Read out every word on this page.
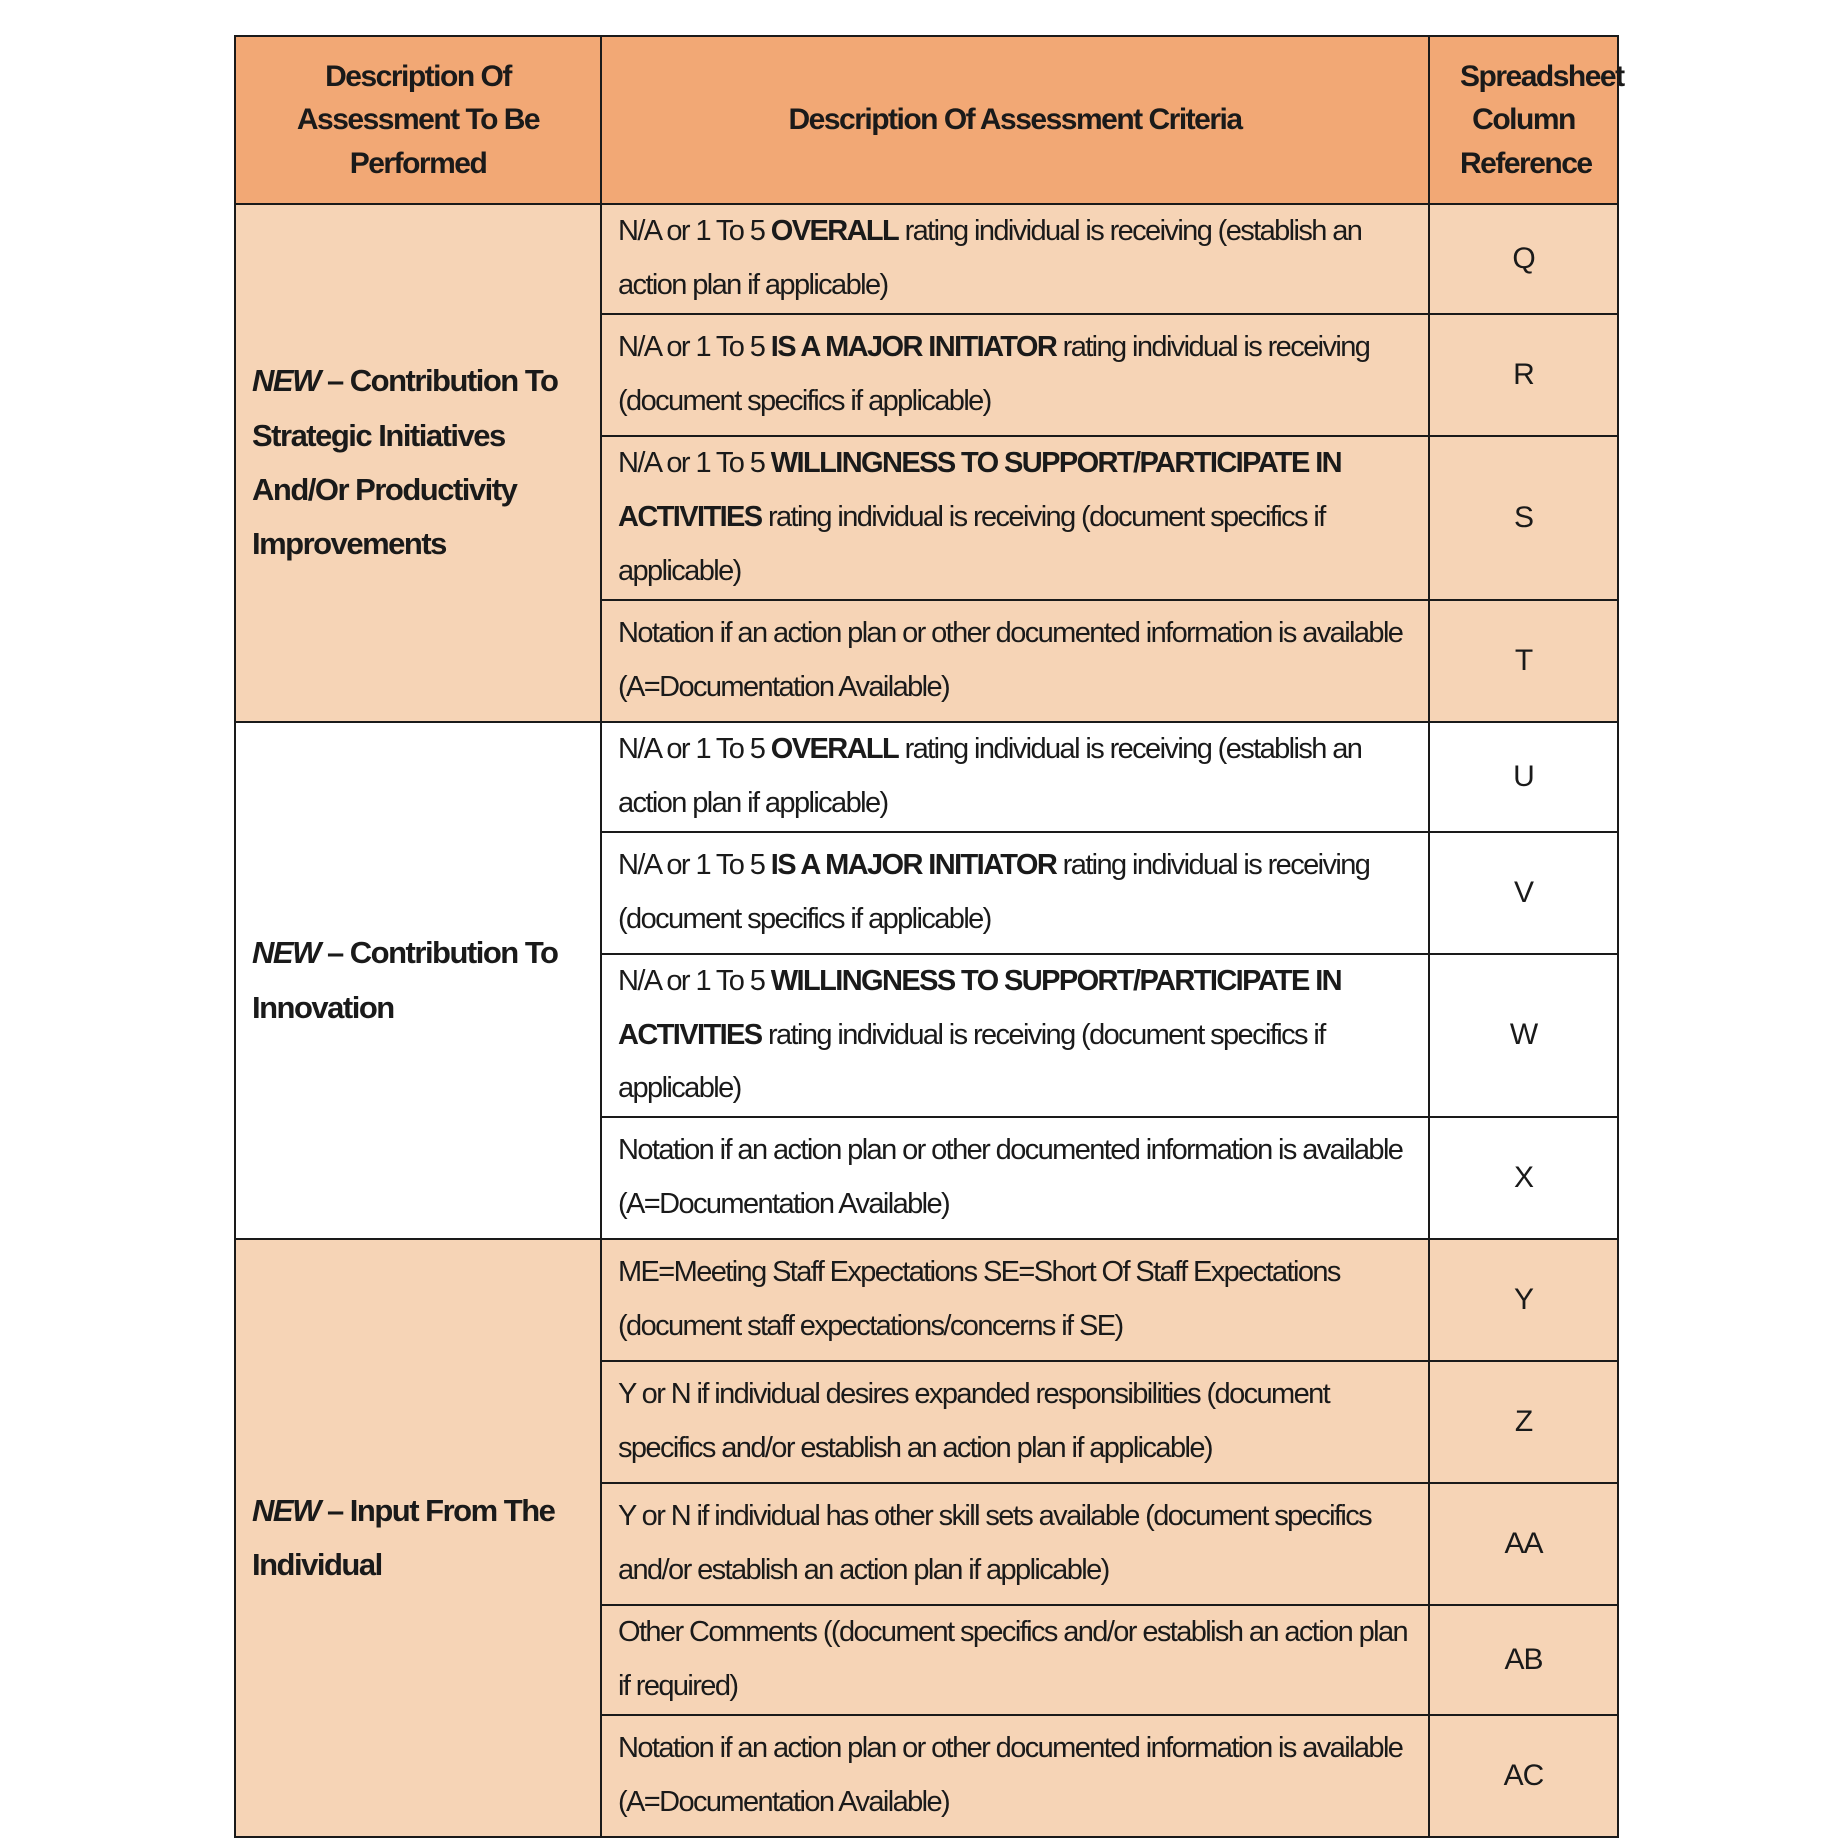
Description Of Assessment To Be Performed	Description Of Assessment Criteria	Spreadsheet Column Reference
NEW – Contribution To Strategic Initiatives And/Or Productivity Improvements	N/A or 1 To 5 OVERALL rating individual is receiving (establish an action plan if applicable)	Q
	N/A or 1 To 5 IS A MAJOR INITIATOR rating individual is receiving (document specifics if applicable)	R
	N/A or 1 To 5 WILLINGNESS TO SUPPORT/PARTICIPATE IN ACTIVITIES rating individual is receiving (document specifics if applicable)	S
	Notation if an action plan or other documented information is available (A=Documentation Available)	T
NEW – Contribution To Innovation	N/A or 1 To 5 OVERALL rating individual is receiving (establish an action plan if applicable)	U
	N/A or 1 To 5 IS A MAJOR INITIATOR rating individual is receiving (document specifics if applicable)	V
	N/A or 1 To 5 WILLINGNESS TO SUPPORT/PARTICIPATE IN ACTIVITIES rating individual is receiving (document specifics if applicable)	W
	Notation if an action plan or other documented information is available (A=Documentation Available)	X
NEW – Input From The Individual	ME=Meeting Staff Expectations SE=Short Of Staff Expectations (document staff expectations/concerns if SE)	Y
	Y or N if individual desires expanded responsibilities (document specifics and/or establish an action plan if applicable)	Z
	Y or N if individual has other skill sets available (document specifics and/or establish an action plan if applicable)	AA
	Other Comments ((document specifics and/or establish an action plan if required)	AB
	Notation if an action plan or other documented information is available (A=Documentation Available)	AC
